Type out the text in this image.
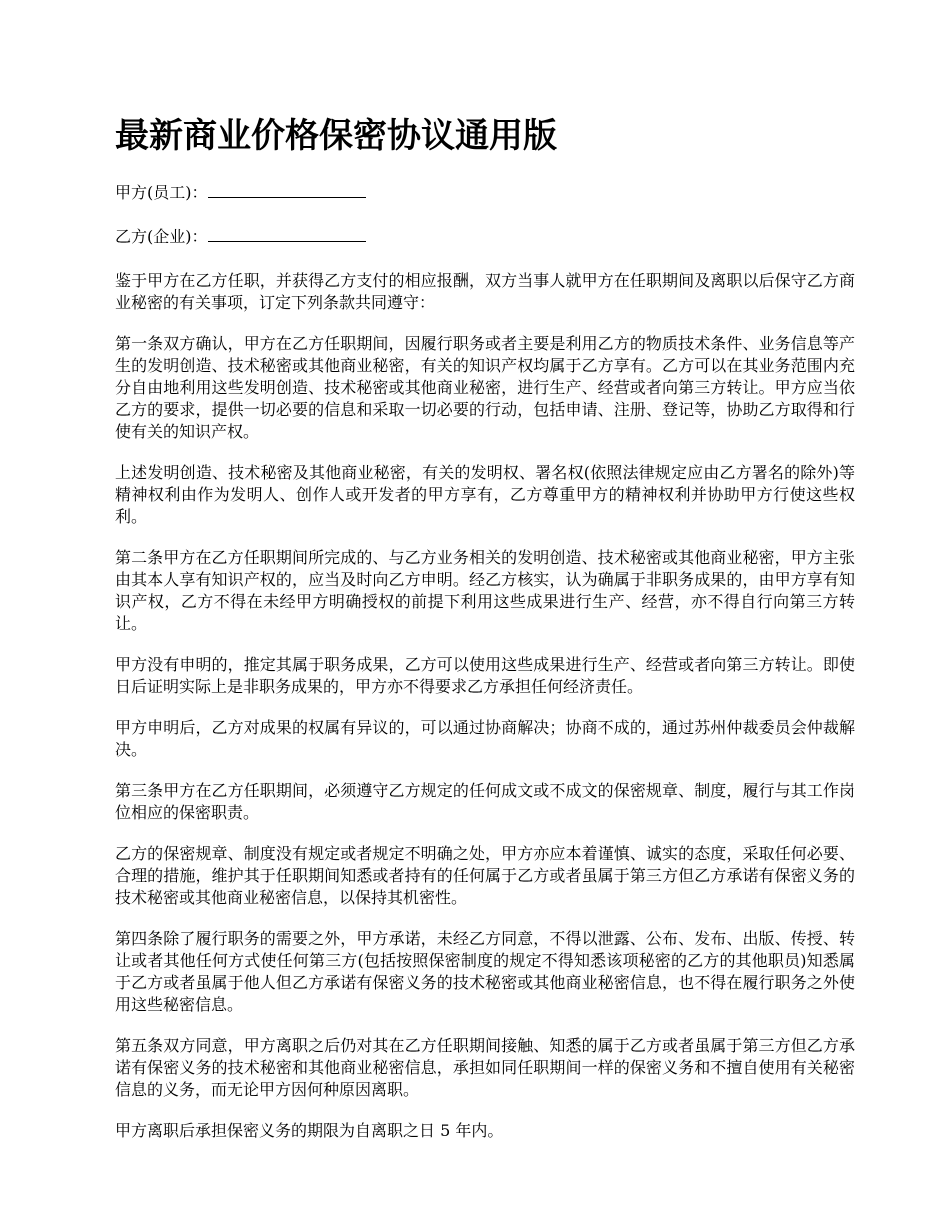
最新商业价格保密协议通用版

甲方(员工)：

乙方(企业)：

鉴于甲方在乙方任职，并获得乙方支付的相应报酬，双方当事人就甲方在任职期间及离职以后保守乙方商业秘密的有关事项，订定下列条款共同遵守：

第一条双方确认，甲方在乙方任职期间，因履行职务或者主要是利用乙方的物质技术条件、业务信息等产生的发明创造、技术秘密或其他商业秘密，有关的知识产权均属于乙方享有。乙方可以在其业务范围内充分自由地利用这些发明创造、技术秘密或其他商业秘密，进行生产、经营或者向第三方转让。甲方应当依乙方的要求，提供一切必要的信息和采取一切必要的行动，包括申请、注册、登记等，协助乙方取得和行使有关的知识产权。

上述发明创造、技术秘密及其他商业秘密，有关的发明权、署名权(依照法律规定应由乙方署名的除外)等精神权利由作为发明人、创作人或开发者的甲方享有，乙方尊重甲方的精神权利并协助甲方行使这些权利。

第二条甲方在乙方任职期间所完成的、与乙方业务相关的发明创造、技术秘密或其他商业秘密，甲方主张由其本人享有知识产权的，应当及时向乙方申明。经乙方核实，认为确属于非职务成果的，由甲方享有知识产权，乙方不得在未经甲方明确授权的前提下利用这些成果进行生产、经营，亦不得自行向第三方转让。

甲方没有申明的，推定其属于职务成果，乙方可以使用这些成果进行生产、经营或者向第三方转让。即使日后证明实际上是非职务成果的，甲方亦不得要求乙方承担任何经济责任。

甲方申明后，乙方对成果的权属有异议的，可以通过协商解决；协商不成的，通过苏州仲裁委员会仲裁解决。

第三条甲方在乙方任职期间，必须遵守乙方规定的任何成文或不成文的保密规章、制度，履行与其工作岗位相应的保密职责。

乙方的保密规章、制度没有规定或者规定不明确之处，甲方亦应本着谨慎、诚实的态度，采取任何必要、合理的措施，维护其于任职期间知悉或者持有的任何属于乙方或者虽属于第三方但乙方承诺有保密义务的技术秘密或其他商业秘密信息，以保持其机密性。

第四条除了履行职务的需要之外，甲方承诺，未经乙方同意，不得以泄露、公布、发布、出版、传授、转让或者其他任何方式使任何第三方(包括按照保密制度的规定不得知悉该项秘密的乙方的其他职员)知悉属于乙方或者虽属于他人但乙方承诺有保密义务的技术秘密或其他商业秘密信息，也不得在履行职务之外使用这些秘密信息。

第五条双方同意，甲方离职之后仍对其在乙方任职期间接触、知悉的属于乙方或者虽属于第三方但乙方承诺有保密义务的技术秘密和其他商业秘密信息，承担如同任职期间一样的保密义务和不擅自使用有关秘密信息的义务，而无论甲方因何种原因离职。

甲方离职后承担保密义务的期限为自离职之日 5 年内。
